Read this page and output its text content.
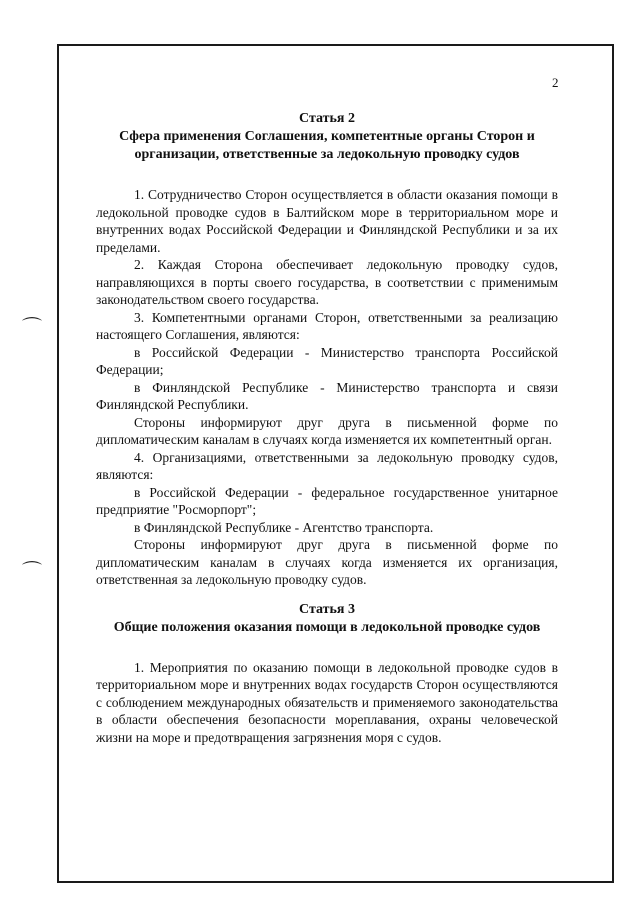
⌒
⌒
2
Статья 2
Сфера применения Соглашения, компетентные органы Сторон и организации, ответственные за ледокольную проводку судов

1. Сотрудничество Сторон осуществляется в области оказания помощи в ледокольной проводке судов в Балтийском море в территориальном море и внутренних водах Российской Федерации и Финляндской Республики и за их пределами.

2. Каждая Сторона обеспечивает ледокольную проводку судов, направляющихся в порты своего государства, в соответствии с применимым законодательством своего государства.

3. Компетентными органами Сторон, ответственными за реализацию настоящего Соглашения, являются:

в Российской Федерации - Министерство транспорта Российской Федерации;

в Финляндской Республике - Министерство транспорта и связи Финляндской Республики.

Стороны информируют друг друга в письменной форме по дипломатическим каналам в случаях когда изменяется их компетентный орган.

4. Организациями, ответственными за ледокольную проводку судов, являются:

в Российской Федерации - федеральное государственное унитарное предприятие "Росморпорт";

в Финляндской Республике - Агентство транспорта.

Стороны информируют друг друга в письменной форме по дипломатическим каналам в случаях когда изменяется их организация, ответственная за ледокольную проводку судов.

Статья 3
Общие положения оказания помощи в ледокольной проводке судов

1. Мероприятия по оказанию помощи в ледокольной проводке судов в территориальном море и внутренних водах государств Сторон осуществляются с соблюдением международных обязательств и применяемого законодательства в области обеспечения безопасности мореплавания, охраны человеческой жизни на море и предотвращения загрязнения моря с судов.
